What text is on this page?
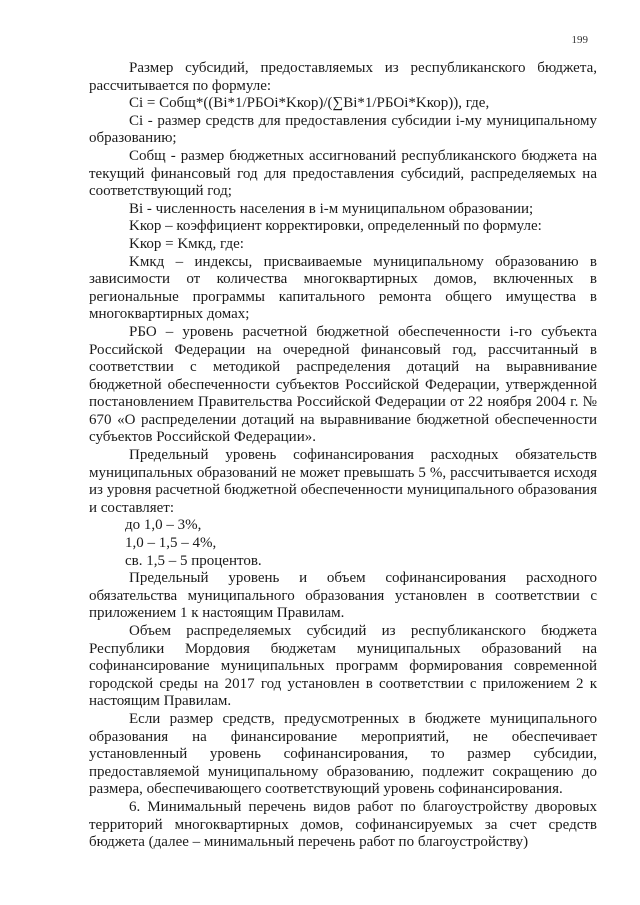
199

Размер субсидий, предоставляемых из республиканского бюджета, рассчитывается по формуле:

Ci = Cобщ*((Bi*1/PБОi*Kкор)/(∑Bi*1/PБОi*Kкор)), где,

Ci - размер средств для предоставления субсидии i-му муниципальному образованию;

Cобщ - размер бюджетных ассигнований республиканского бюджета на текущий финансовый год для предоставления субсидий, распределяемых на соответствующий год;

Bi - численность населения в i-м муниципальном образовании;

Kкор – коэффициент корректировки, определенный по формуле:

Kкор = Kмкд, где:

Kмкд – индексы, присваиваемые муниципальному образованию в зависимости от количества многоквартирных домов, включенных в региональные программы капитального ремонта общего имущества в многоквартирных домах;

РБО – уровень расчетной бюджетной обеспеченности i-го субъекта Российской Федерации на очередной финансовый год, рассчитанный в соответствии с методикой распределения дотаций на выравнивание бюджетной обеспеченности субъектов Российской Федерации, утвержденной постановлением Правительства Российской Федерации от 22 ноября 2004 г. № 670 «О распределении дотаций на выравнивание бюджетной обеспеченности субъектов Российской Федерации».

Предельный уровень софинансирования расходных обязательств муниципальных образований не может превышать 5 %, рассчитывается исходя из уровня расчетной бюджетной обеспеченности муниципального образования и составляет:

до 1,0 – 3%,

1,0 – 1,5 – 4%,

св. 1,5 – 5 процентов.

Предельный уровень и объем софинансирования расходного обязательства муниципального образования установлен в соответствии с приложением 1 к настоящим Правилам.

Объем распределяемых субсидий из республиканского бюджета Республики Мордовия бюджетам муниципальных образований на софинансирование муниципальных программ формирования современной городской среды на 2017 год установлен в соответствии с приложением 2 к настоящим Правилам.

Если размер средств, предусмотренных в бюджете муниципального образования на финансирование мероприятий, не обеспечивает установленный уровень софинансирования, то размер субсидии, предоставляемой муниципальному образованию, подлежит сокращению до размера, обеспечивающего соответствующий уровень софинансирования.

6. Минимальный перечень видов работ по благоустройству дворовых территорий многоквартирных домов, софинансируемых за счет средств бюджета (далее – минимальный перечень работ по благоустройству)
